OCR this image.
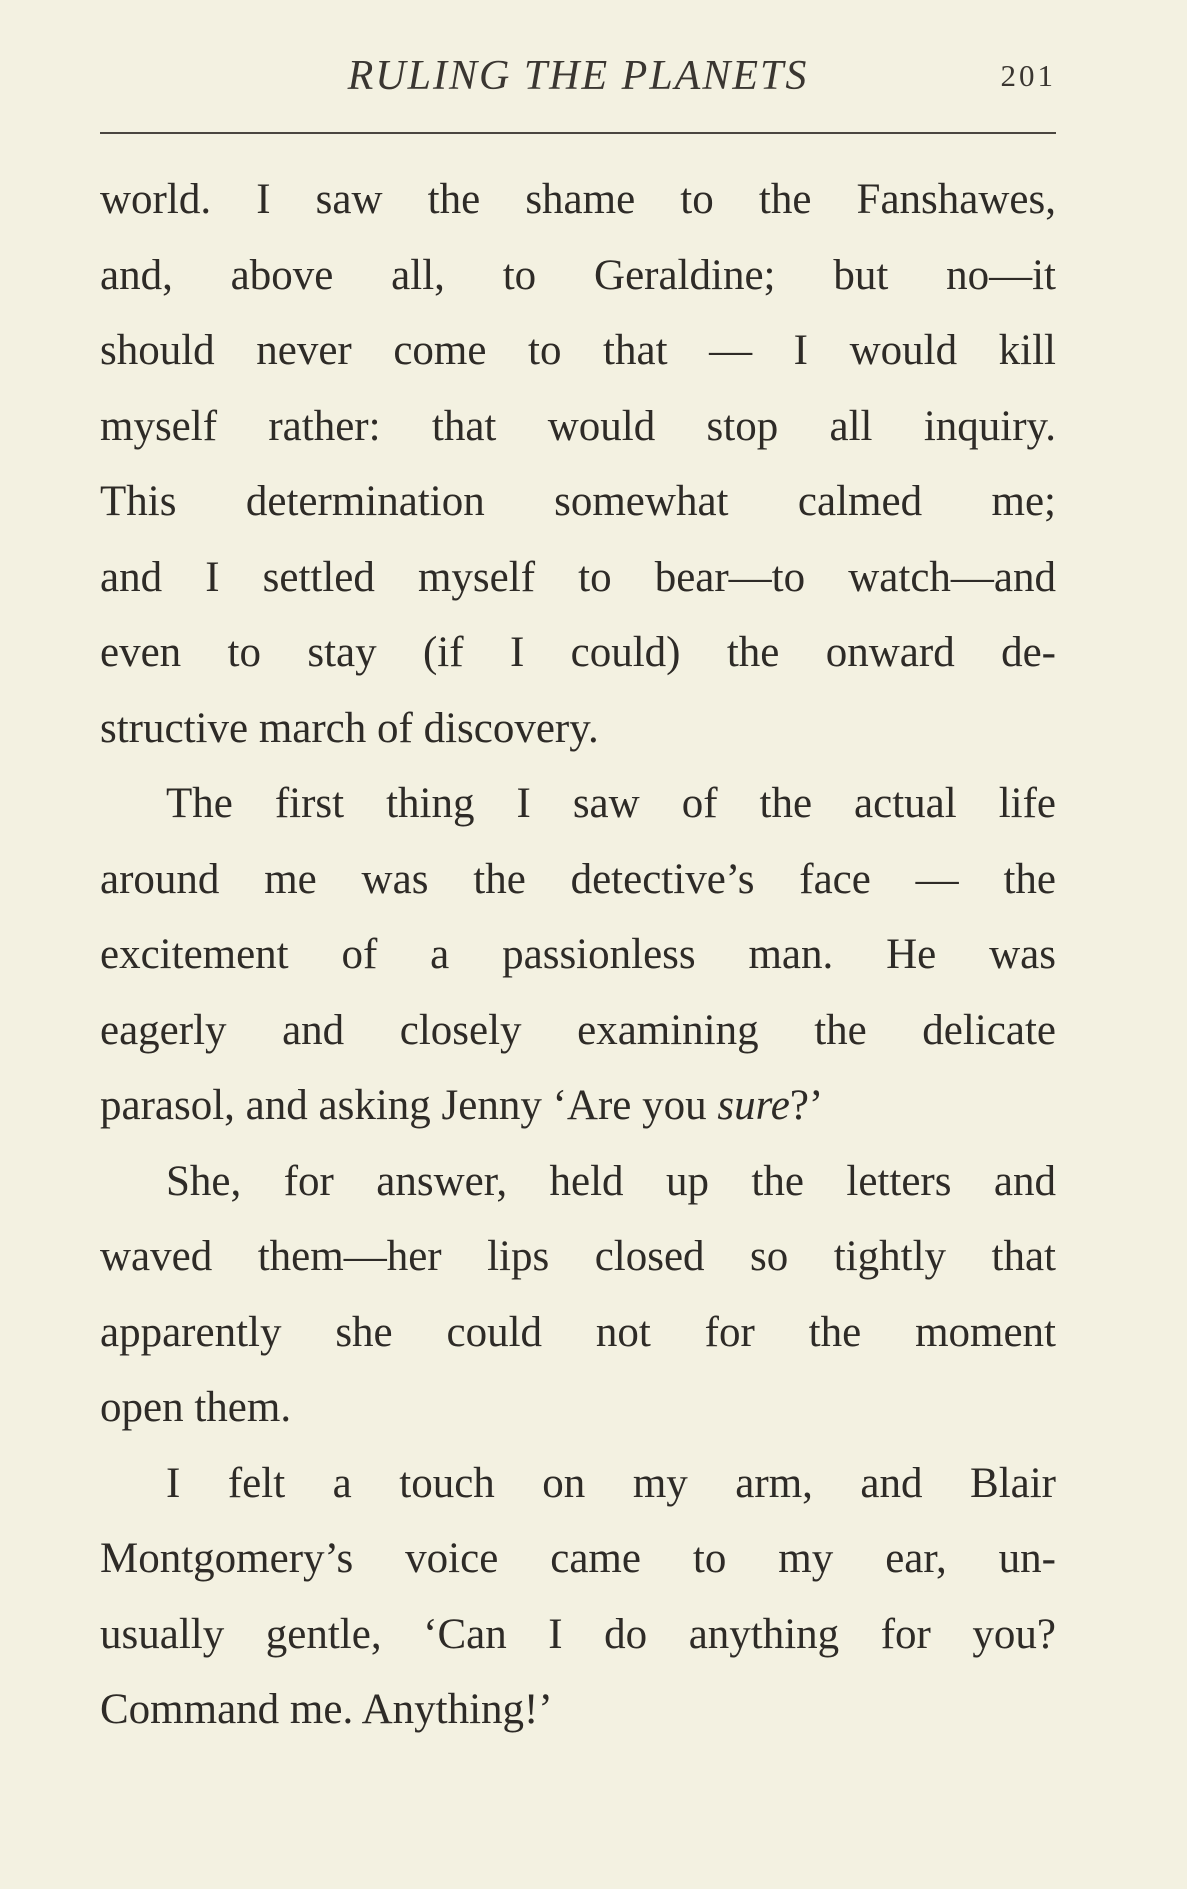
RULING THE PLANETS	201
world. I saw the shame to the Fanshawes,
and, above all, to Geraldine; but no—it
should never come to that — I would kill
myself rather: that would stop all inquiry.
This determination somewhat calmed me;
and I settled myself to bear—to watch—and
even to stay (if I could) the onward de-
structive march of discovery.
The first thing I saw of the actual life
around me was the detective’s face — the
excitement of a passionless man. He was
eagerly and closely examining the delicate
parasol, and asking Jenny ‘Are you sure?’
She, for answer, held up the letters and
waved them—her lips closed so tightly that
apparently she could not for the moment
open them.
I felt a touch on my arm, and Blair
Montgomery’s voice came to my ear, un-
usually gentle, ‘Can I do anything for you?
Command me. Anything!’
